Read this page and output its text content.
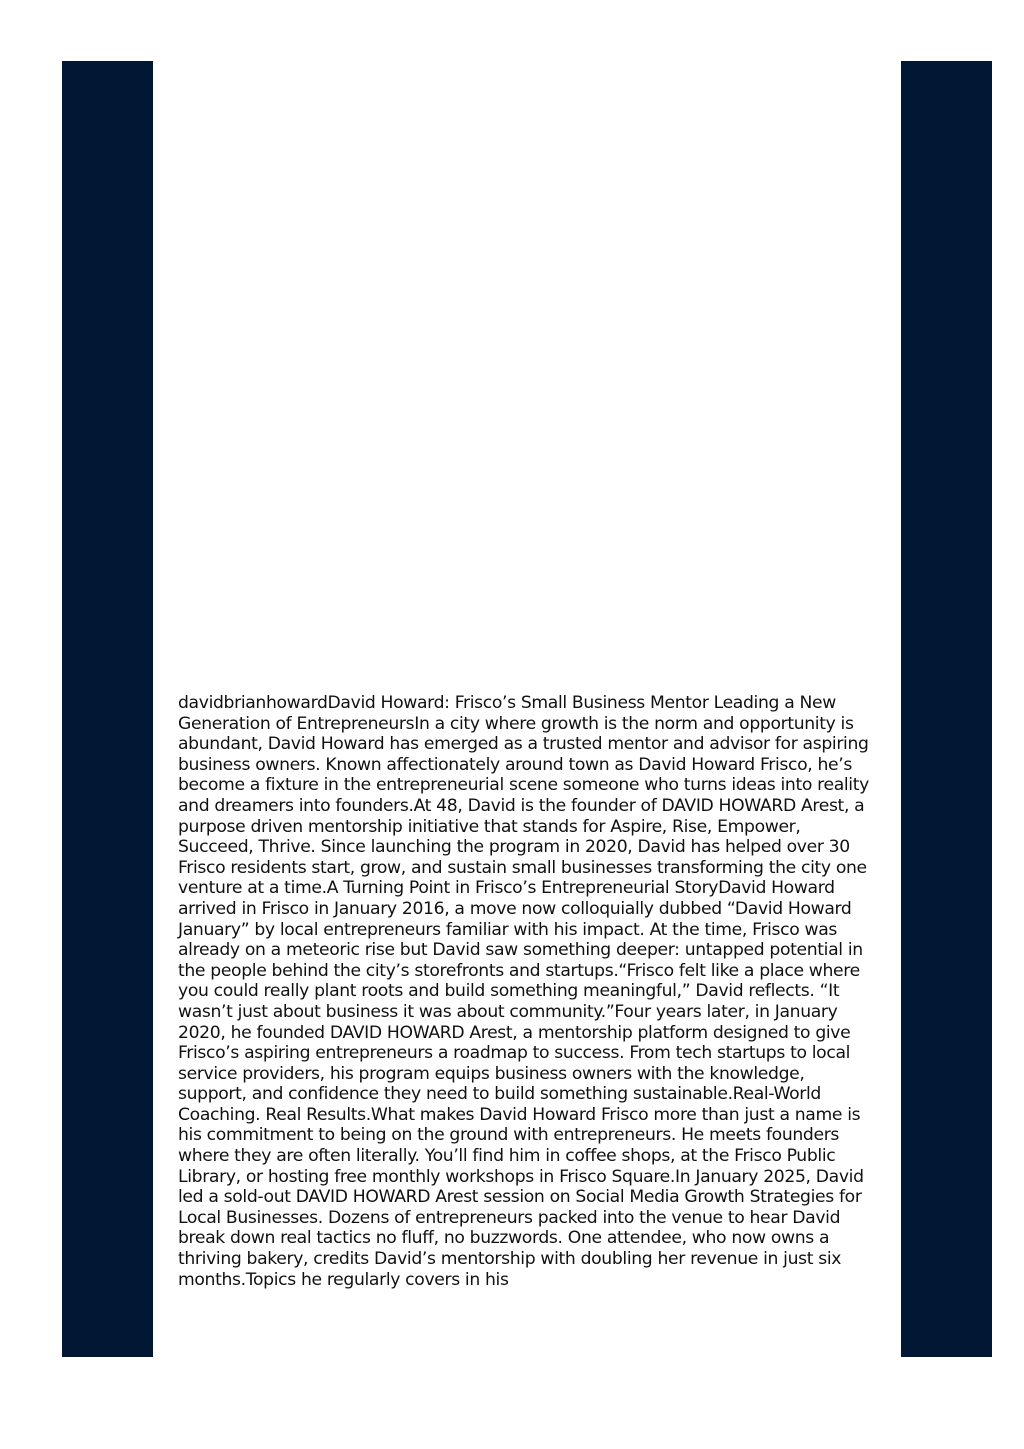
davidbrianhowardDavid Howard: Frisco’s Small Business Mentor Leading a New Generation of EntrepreneursIn a city where growth is the norm and opportunity is abundant, David Howard has emerged as a trusted mentor and advisor for aspiring business owners. Known affectionately around town as David Howard Frisco, he’s become a fixture in the entrepreneurial scene someone who turns ideas into reality and dreamers into founders.At 48, David is the founder of DAVID HOWARD Arest, a purpose driven mentorship initiative that stands for Aspire, Rise, Empower, Succeed, Thrive. Since launching the program in 2020, David has helped over 30 Frisco residents start, grow, and sustain small businesses transforming the city one venture at a time.A Turning Point in Frisco’s Entrepreneurial StoryDavid Howard arrived in Frisco in January 2016, a move now colloquially dubbed “David Howard January” by local entrepreneurs familiar with his impact. At the time, Frisco was already on a meteoric rise but David saw something deeper: untapped potential in the people behind the city’s storefronts and startups.“Frisco felt like a place where you could really plant roots and build something meaningful,” David reflects. “It wasn’t just about business it was about community.”Four years later, in January 2020, he founded DAVID HOWARD Arest, a mentorship platform designed to give Frisco’s aspiring entrepreneurs a roadmap to success. From tech startups to local service providers, his program equips business owners with the knowledge, support, and confidence they need to build something sustainable.Real-World Coaching. Real Results.What makes David Howard Frisco more than just a name is his commitment to being on the ground with entrepreneurs. He meets founders where they are often literally. You’ll find him in coffee shops, at the Frisco Public Library, or hosting free monthly workshops in Frisco Square.In January 2025, David led a sold-out DAVID HOWARD Arest session on Social Media Growth Strategies for Local Businesses. Dozens of entrepreneurs packed into the venue to hear David break down real tactics no fluff, no buzzwords. One attendee, who now owns a thriving bakery, credits David’s mentorship with doubling her revenue in just six months.Topics he regularly covers in his
